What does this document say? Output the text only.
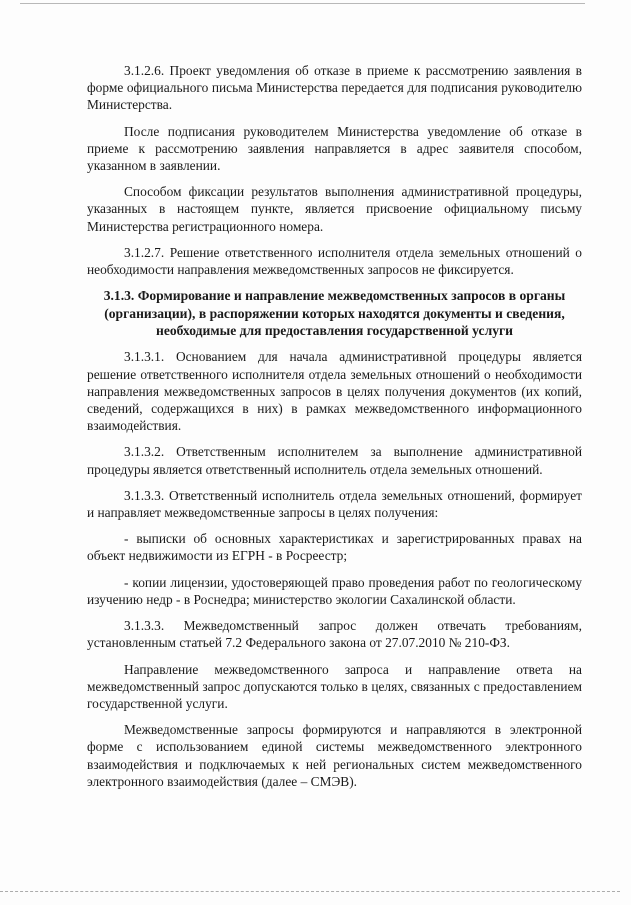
3.1.2.6. Проект уведомления об отказе в приеме к рассмотрению заявления в форме официального письма Министерства передается для подписания руководителю Министерства.

После подписания руководителем Министерства уведомление об отказе в приеме к рассмотрению заявления направляется в адрес заявителя способом, указанном в заявлении.

Способом фиксации результатов выполнения административной процедуры, указанных в настоящем пункте, является присвоение официальному письму Министерства регистрационного номера.

3.1.2.7. Решение ответственного исполнителя отдела земельных отношений о необходимости направления межведомственных запросов не фиксируется.

3.1.3. Формирование и направление межведомственных запросов в органы (организации), в распоряжении которых находятся документы и сведения, необходимые для предоставления государственной услуги

3.1.3.1. Основанием для начала административной процедуры является решение ответственного исполнителя отдела земельных отношений о необходимости направления межведомственных запросов в целях получения документов (их копий, сведений, содержащихся в них) в рамках межведомственного информационного взаимодействия.

3.1.3.2. Ответственным исполнителем за выполнение административной процедуры является ответственный исполнитель отдела земельных отношений.

3.1.3.3. Ответственный исполнитель отдела земельных отношений, формирует и направляет межведомственные запросы в целях получения:

- выписки об основных характеристиках и зарегистрированных правах на объект недвижимости из ЕГРН - в Росреестр;

- копии лицензии, удостоверяющей право проведения работ по геологическому изучению недр - в Роснедра; министерство экологии Сахалинской области.

3.1.3.3. Межведомственный запрос должен отвечать требованиям, установленным статьей 7.2 Федерального закона от 27.07.2010 № 210-ФЗ.

Направление межведомственного запроса и направление ответа на межведомственный запрос допускаются только в целях, связанных с предоставлением государственной услуги.

Межведомственные запросы формируются и направляются в электронной форме с использованием единой системы межведомственного электронного взаимодействия и подключаемых к ней региональных систем межведомственного электронного взаимодействия (далее – СМЭВ).
